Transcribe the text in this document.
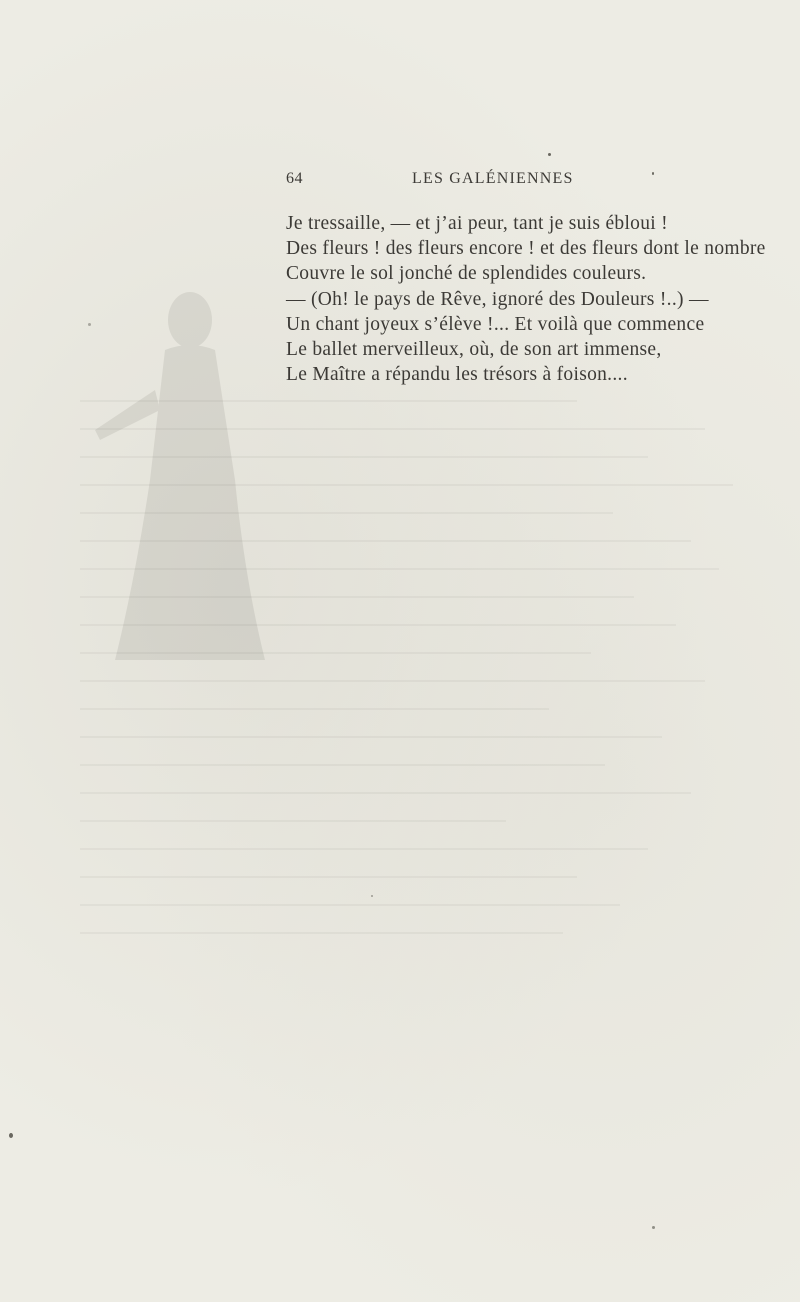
64	LES GALÉNIENNES
Je tressaille, — et j’ai peur, tant je suis ébloui !
Des fleurs ! des fleurs encore ! et des fleurs dont le nombre
Couvre le sol jonché de splendides couleurs.
— (Oh! le pays de Rêve, ignoré des Douleurs !..) —
Un chant joyeux s’élève !... Et voilà que commence
Le ballet merveilleux, où, de son art immense,
Le Maître a répandu les trésors à foison....
